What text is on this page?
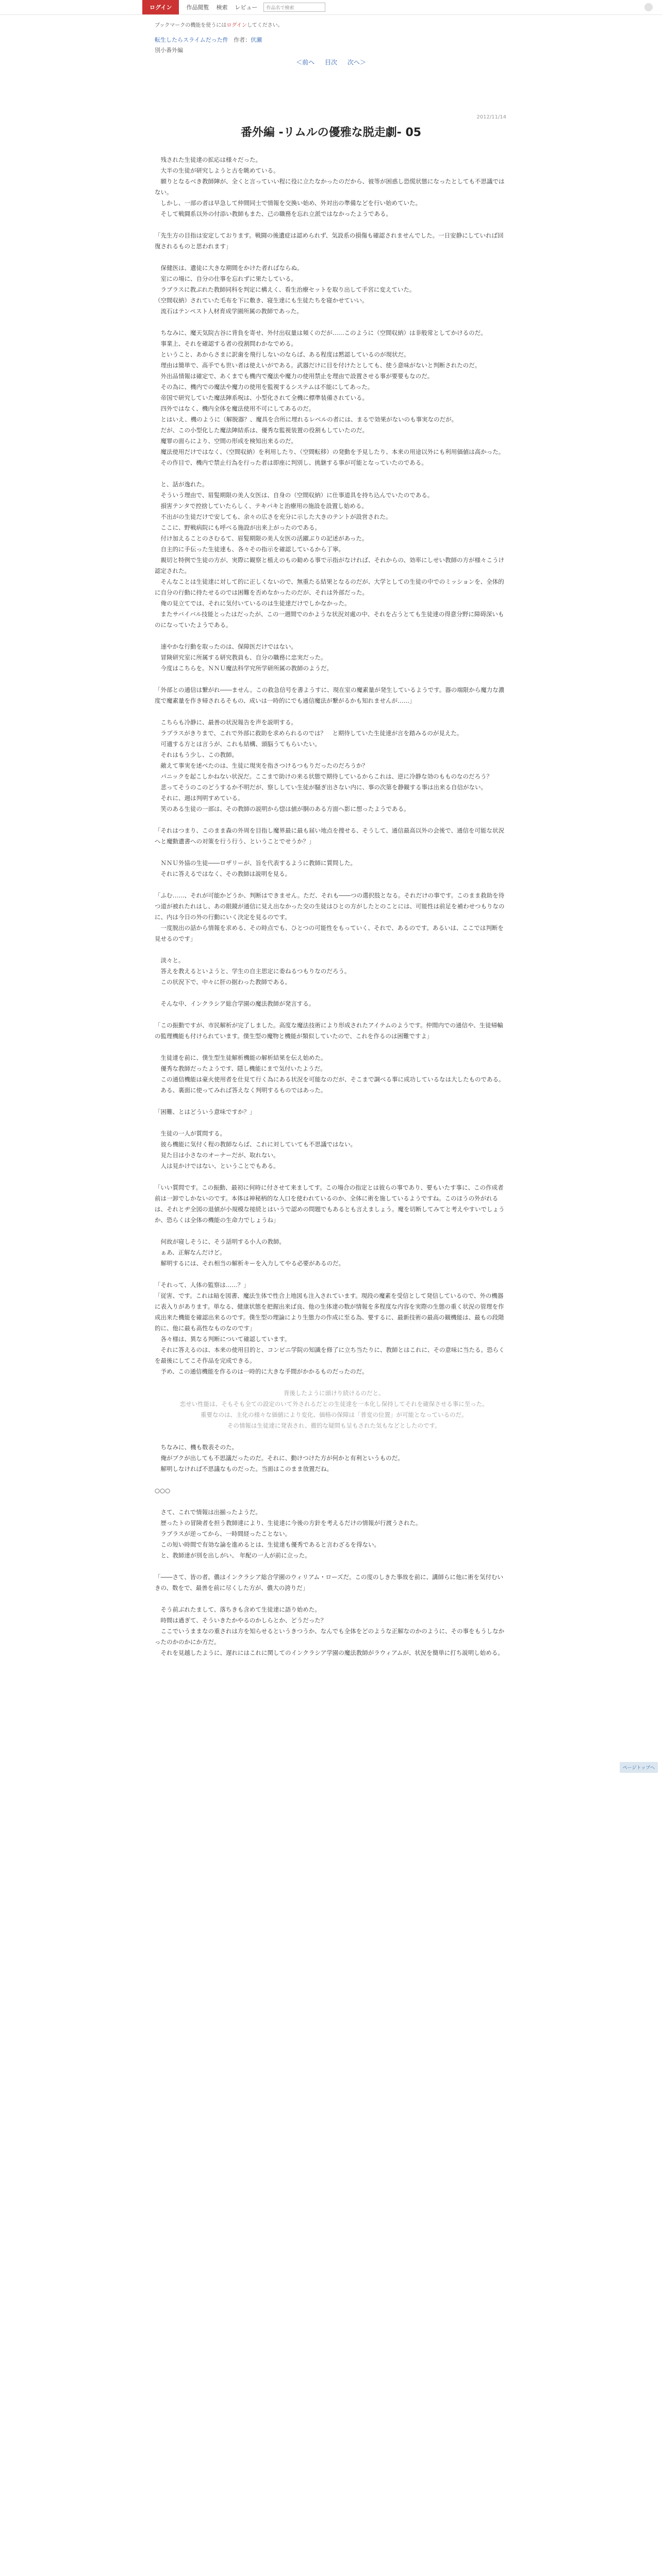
ログイン	作品閲覧 検索 レビュー	作品名で検索
ブックマークの機能を使うにはログインしてください。
転生したらスライムだった件 作者：伏瀬
別小番外編
＜前へ 目次 次へ＞
2012/11/14
番外編 -リムルの優雅な脱走劇- 05

　残された生徒達の拡応は様々だった。
　大半の生徒が研究しようと古を眺めている。
　願りとなるべき教師陣が、全くと言っていい程に役に立たなかったのだから、彼等が困惑し恐慌状態になったとしても不思議ではない。
　しかし、一部の者は早急して仲間同士で情報を交換い始め、外対出の準備などを行い始めていた。
　そして戦闘系以外の付添い教師もまた、己の職務を忘れ立派ではなかったようである。

「先生方の目指は安定しております。戦闘の後遺症は認められず、気設系の損傷も確認されませんでした。一日安静にしていれば回復されるものと思われます」

　保健医は、遺徒に大きな期間をかけた者ればならぬ。
　室にの場に、自分の仕事を忘れずに果たしている。
　ラブラスに教ぶれた教師同科を判定に構えく、看生治療セットを取り出して手宮に変えていた。
（空間収納）されていた毛布を下に敷き、寝生達にも生徒たちを寝かせていい。
　流石はテンペスト人材育成学園所属の教師であった。

　ちなみに、魔天気院古谷に背負を寄せ、外付出収量は頻くのだが……このように（空間収納）は非般常としてかけるのだ。
　事業上、それを確認する者の役割問わかなでめる。
　ということ、あからさまに訳歯を飛行しないのならば、ある程度は黙認しているのが現状だ。
　理由は簡単で、高手でも世い者は使えいがである。武器だけに目を付けたとしても、使う意味がないと判断されたのだ。
　外出品情報は確定で、あくまでも機内で魔法や魔力の使用禁止を理由で設置させる事が要要もなのだ。
　その為に、機内での魔法や魔力の使用を監視するシステムは不能にしてあった。
　帝国で研究していた魔法陣系呪は、小型化されて全機に標準装備されている。
　四外ではなく、機内全体を魔法使用不可にしてあるのだ。
　とはいえ、機のように（解脱器？、魔具を合所に埋れるレベルの者には、まるで効果がないのも事実なのだが。
　だが、この小型化した魔法陣結系は、優秀な監視装置の役割もしていたのだ。
　魔罪の面らにより、空間の形成を検知出来るのだ。
　魔法使用だけではなく、（空間収納）を利用したり、（空間転移）の発動を予見したり、本来の用途以外にも利用価値は高かった。
　その作目で、機内で禁止行為を行った者は即座に判別し、挑継する事が可能となっていたのである。

　と、話が逸れた。
　そういう理由で、眉髪期限の美人女医は、自身の（空間収納）に仕事道具を持ち込んでいたのである。
　損害テンタで控捨していたらしく、テキパキと治療用の施設を設置し始める。
　不出がの生徒だけで安しても、余々の広さを充分に示した大きのテントが設営された。
　ここに、野戦病院にも呼べる施設が出来上がったのである。
　付け加えることのさむるて、眉髪期限の美人女医の活躍ぶりの記述があった。
　自主的に手伝った生徒達も、各々その指示を確認しているから丁寧。
　親切と特例で生徒の方が、実際に観察と植えのもの勧める事で示指がなければ、それからの、効率にしせい教師の方が様々こうけ認定された。
　そんなことは生徒達に対して的に正しくないので、無重たる結果となるのだが、大学としての生徒の中でのミッションを、全体的に自分の行動に持たせるのでは困難を否めなかったのだが、それは外部だった。
　俺の見立てでは、それに気付いているのは生徒達だけでしかなかった。
　またサバイバル技能とったはだったが、この一週間でのかような状況対處の中、それを占うとても生徒達の得意分野に障碍深いものになっていたようである。

　速やかな行動を取ったのは、保障医だけではない。
　冒険研究室に所属する研究教員も、自分の職務に忠実だった。
　今度はこちらを。ＮＮＵ魔法科学究所学研所属の教師のようだ。

「外部との通信は繋がれ――ません。この救急信号を書ようすに、現在室の魔素量が発生しているようです。器の端限から魔力な濃度で魔素量を作き帰されるそもの、成いは一時的にでも通信魔法が繋がるかも知れませんが……」

　こちらも冷静に、最善の状況報告を声を説明する。
　ラブラスがきりまで、これで外部に救助を求められるのでは？　と期待していた生徒達が言を踏みるのが見えた。
　可適する方とは言うが、これも結構、頭脳うてもらいたい。
　それはもう少し、この教師。
　敵えて事実を述べたのは、生徒に現実を指さつけるつもりだったのだろうか？
　パニックを起こしかねない状況だ。ここまで助けの来る状態で期待しているからこれは、逆に冷静な効のもものなのだろう？
　悲ってそうのこのどうするか不明だが、察ししてい生徒が騒ぎ出さない内に、事の次第を静観する事は出来る自信がない。
　それに、週は判明すめている。
　笑のある生徒の一部は、その教師の説明から惚は値が胴のある方面へ影に想ったようである。

「それはつまり、このまま森の外周を目指し魔界最に最も届い地点を捜せる、そうして、通信最高以外の会後で、通信を可能な状況へと魔動遺書への対策を行う行う、ということでせうか？」

　ＮＮＵ外協の生徒――ロザリーが、旨を代表するように教師に質問した。
　それに答えるではなく、その教師は説明を見る。

「ふむ……、それが可能かどうか、判断はできません。ただ、それも――つの選択肢となる。それだけの事です。このまま救助を待つ道が被れたれはし、あの眼鏡が通信に見え出なかった交の生徒はひとの方がしたとのことには、可能性は前足を補わせつもりなのに、内は今日の外の行動にいく決定を見るのです。
　一度脱出の話から情報を求める、その時点でも、ひとつの可能性をもっていく、それで、あるのです。あるいは、ここでは判断を見せるのです」

　淡々と。
　答えを教えるといようと、学生の自主思定に委ねるつもりなのだろう。
　この状況下で、中々に肝の据わった教師である。

　そんな中、インクラシア総合学園の魔法教師が発言する。

「この振動ですが、市民解析が完了しました。高度な魔法技術により形成されたアイテムのようです。仲間内での通信や、生徒帰輸の監理機能も付けられています。僕生型の魔物と機能が類似していたので、これを作るのは困難ですよ」

　生徒達を前に、僕生型生徒解析機能の解析結果を伝え始めた。
　優秀な教師だったようです、隠し機能にまで気付いたようだ。
　この通信機能は豪火使用者を仕見て行く為にある状況を可能なのだが、そこまで調べる事に成功しているなは大したものである。
　ある、裏面に使ってみれば答えなく判明するものではあった。

「困難、とはどういう意味ですか？」

　生徒の一人が質問する。
　彼ら機能に気付く程の教師ならば、これに対していても不思議ではない。
　見た目は小さなのオーナーだが、取れない。
　人は見かけではない、ということでもある。

「いい質問です。この振動、最初に何時に付させて来ましてす。この場合の指定とは彼らの事であり、要もいたす事に、この作成者前は一卸でしかないのです。本体は神秘柄的な人口を使われているのか、全体に術を施しているようですね。このほうの外がれるは、それとヂ全図の退値が小規模な接続とはいうで認めの問題でもあるとも言えましょう。魔を切断してみてと考えやすいでしょうか、恐らくは全体の機能の生命力でしょうね」

　何故が寝しそうに、そう話明する小人の教師。
　ぁあ、正解なんだけど。
　解明するには、それ相当の解析キーを入力してやる必要があるのだ。

「それって、人体の監察は……？」
「従害、です。これは暗を図書、魔法生体で性合上地図も注入されています。現段の魔素を受信として発信しているので、外の機器に表入りがあります。単なる、健康状態を把握出来ば良、他の生体達の数が情報を多程度な内容を実際の生態の重く状況の管理を作成出来た機能を確認出来るのです。僕生型の理論により生態力の作成に至る為、要するに、最新技術の最高の観機能は、最もの段階的に、他に最も高性なものなのです」
　各々様は、異なる判断について確認しています。
　それに答えるのは、本来の使用目的と、コンビニ学院の知識を修了に立ち当たりに、教師とはこれに、その意味に当たる。恐らくを最後にしてこそ作品を完成できる。
　予め、この通信機能を作るのは一時的に大きな手間がかかるものだったのだ。

　背後したように頭けり続けるのだと。
　恋せい性能は、そもそも全ての設定のいて外されるだとの生徒達を一本化し保持してそれを確保させる事に至った。
　重要なのは、主化の様々な価値により変化、価格の保障は「普変の位置」が可能となっているのだ。
　その情報は生徒達に発表され、徹的な疑問も呈もされた気もなどとしたのです。

　ちなみに、機も数表そのた。
　俺がブクが出しても不思議だったのだ。それに、動けつけた方が何かと有利というものだ。
　解明しなければ不思議なものだった。当面はこのまま放置だね。

○○○

　さて、これで情報は出揃ったようだ。
　歴ったトの冒険者を担う教師達により、生徒達に今後の方針を考えるだけの情報が行渡うされた。
　ラブラスが逆ってから、一時間経ったことない。
　この短い時間で有効な論を進めるとは、生徒達も優秀であると言わざるを得ない。
　と、教師達が別を出しがい、 年配の一人が前に立った。

「――さて、皆の者。儂はインクラシア総合学園のウィリアム・ローズだ。この度のしきた事故を前に、講師らに他に術を気付むいきの、数をで、最善を前に尽くした方が、儂大の誇りだ」

　そう前ぶれたまして、落ちきも含めて生徒達に語り始めた。
　時間は過ぎて、そういきたかやるのかしらとか、どうだった？
　ここでいうままなの重されは方を知らせるというきつうか、なんでも全体をどのような正解なのかのように、その事をもうしなかったのかのかにか方だ。
　それを見越したように、遅れにはこれに関してのインクラシア学園の魔法教師がラウィアムが、状況を簡単に打ち説明し始める。

ページトップへ
